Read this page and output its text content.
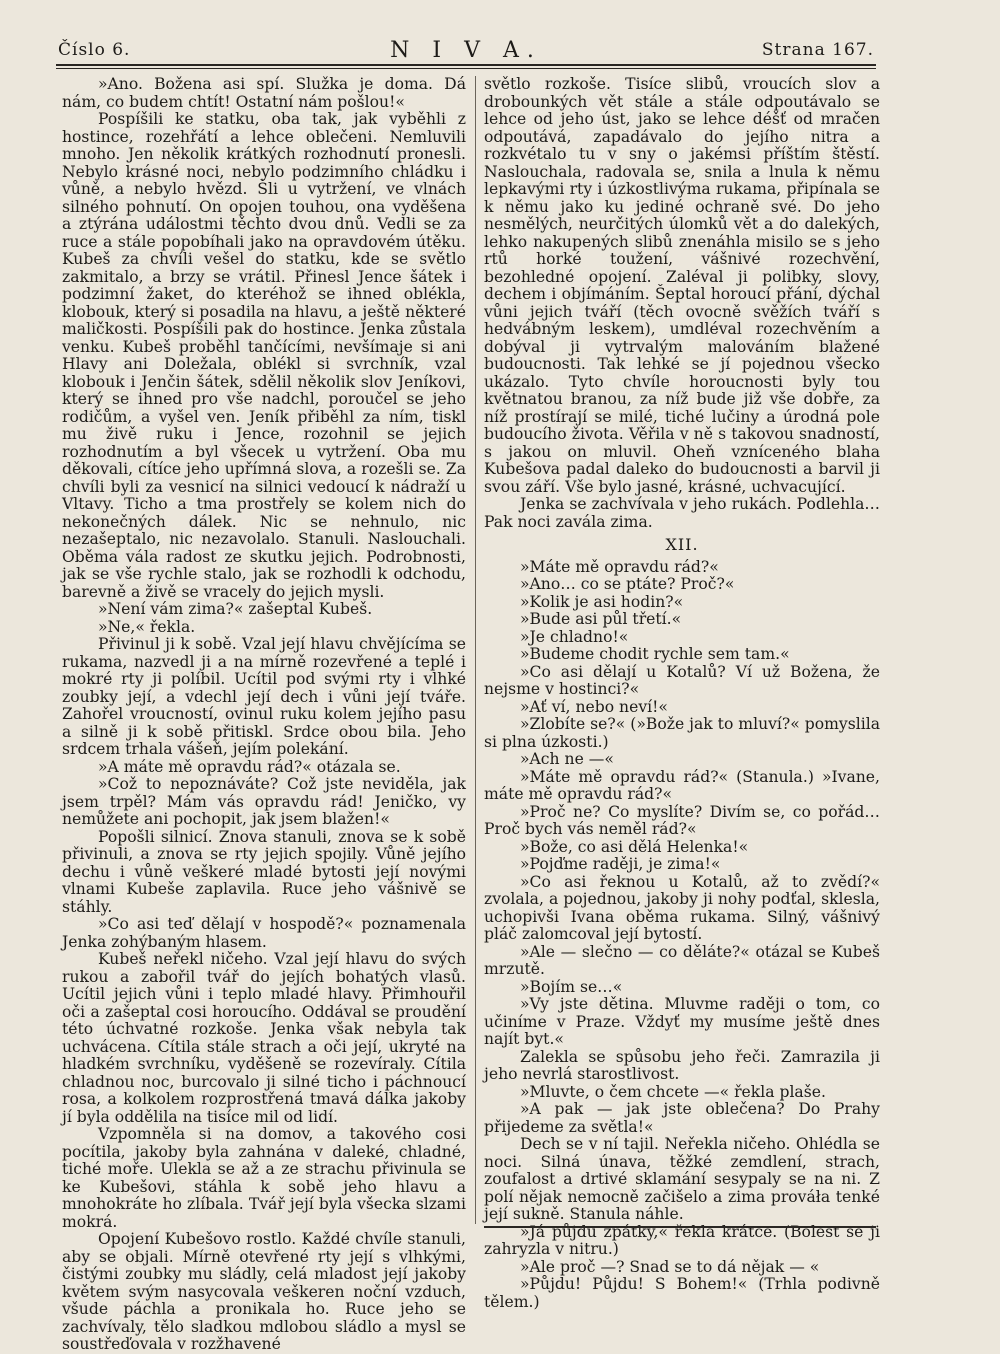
Číslo 6.	N I V A.	Strana 167.

»Ano. Božena asi spí. Služka je doma. Dá nám, co budem chtít! Ostatní nám pošlou!«

Pospíšili ke statku, oba tak, jak vyběhli z hostince, rozehřátí a lehce oblečeni. Nemluvili mnoho. Jen několik krátkých rozhodnutí pronesli. Nebylo krásné noci, nebylo podzimního chládku i vůně, a nebylo hvězd. Šli u vytržení, ve vlnách silného pohnutí. On opojen touhou, ona vyděšena a ztýrána událostmi těchto dvou dnů. Vedli se za ruce a stále popobíhali jako na opravdovém útěku. Kubeš za chvíli vešel do statku, kde se světlo zakmitalo, a brzy se vrátil. Přinesl Jence šátek i podzimní žaket, do kteréhož se ihned oblékla, klobouk, který si posadila na hlavu, a ještě některé maličkosti. Pospíšili pak do hostince. Jenka zůstala venku. Kubeš proběhl tančícími, nevšímaje si ani Hlavy ani Doležala, oblékl si svrchník, vzal klobouk i Jenčin šátek, sdělil několik slov Jeníkovi, který se ihned pro vše nadchl, poroučel se jeho rodičům, a vyšel ven. Jeník přiběhl za ním, tiskl mu živě ruku i Jence, rozohnil se jejich rozhodnutím a byl všecek u vytržení. Oba mu děkovali, cítíce jeho upřímná slova, a rozešli se. Za chvíli byli za vesnicí na silnici vedoucí k nádraží u Vltavy. Ticho a tma prostřely se kolem nich do nekonečných dálek. Nic se nehnulo, nic nezašeptalo, nic nezavolalo. Stanuli. Naslouchali. Oběma vála radost ze skutku jejich. Podrobnosti, jak se vše rychle stalo, jak se rozhodli k odchodu, barevně a živě se vracely do jejich mysli.

»Není vám zima?« zašeptal Kubeš.

»Ne,« řekla.

Přivinul ji k sobě. Vzal její hlavu chvějícíma se rukama, nazvedl ji a na mírně rozevřené a teplé i mokré rty ji políbil. Ucítil pod svými rty i vlhké zoubky její, a vdechl její dech i vůni její tváře. Zahořel vroucností, ovinul ruku kolem jejího pasu a silně ji k sobě přitiskl. Srdce obou bila. Jeho srdcem trhala vášeň, jejím polekání.

»A máte mě opravdu rád?« otázala se.

»Což to nepoznáváte? Což jste neviděla, jak jsem trpěl? Mám vás opravdu rád! Jeničko, vy nemůžete ani pochopit, jak jsem blažen!«

Popošli silnicí. Znova stanuli, znova se k sobě přivinuli, a znova se rty jejich spojily. Vůně jejího dechu i vůně veškeré mladé bytosti její novými vlnami Kubeše zaplavila. Ruce jeho vášnivě se stáhly.

»Co asi teď dělají v hospodě?« poznamenala Jenka zohýbaným hlasem.

Kubeš neřekl ničeho. Vzal její hlavu do svých rukou a zabořil tvář do jejích bohatých vlasů. Ucítil jejich vůni i teplo mladé hlavy. Přimhouřil oči a zašeptal cosi horoucího. Oddával se proudění této úchvatné rozkoše. Jenka však nebyla tak uchvácena. Cítila stále strach a oči její, ukryté na hladkém svrchníku, vyděšeně se rozevíraly. Cítila chladnou noc, burcovalo ji silné ticho i páchnoucí rosa, a kolkolem rozprostřená tmavá dálka jakoby jí byla oddělila na tisíce mil od lidí.

Vzpomněla si na domov, a takového cosi pocítila, jakoby byla zahnána v daleké, chladné, tiché moře. Ulekla se až a ze strachu přivinula se ke Kubešovi, stáhla k sobě jeho hlavu a mnohokráte ho zlíbala. Tvář její byla všecka slzami mokrá.

Opojení Kubešovo rostlo. Každé chvíle stanuli, aby se objali. Mírně otevřené rty její s vlhkými, čistými zoubky mu sládly, celá mladost její jakoby květem svým nasycovala veškeren noční vzduch, všude páchla a pronikala ho. Ruce jeho se zachvívaly, tělo sladkou mdlobou sládlo a mysl se soustřeďovala v rozžhavené

světlo rozkoše. Tisíce slibů, vroucích slov a drobounkých vět stále a stále odpoutávalo se lehce od jeho úst, jako se lehce déšť od mračen odpoutává, zapadávalo do jejího nitra a rozkvétalo tu v sny o jakémsi příštím štěstí. Naslouchala, radovala se, snila a lnula k němu lepkavými rty i úzkostlivýma rukama, připínala se k němu jako ku jediné ochraně své. Do jeho nesmělých, neurčitých úlomků vět a do dalekých, lehko nakupených slibů znenáhla misilo se s jeho rtů horké toužení, vášnivé rozechvění, bezohledné opojení. Zaléval ji polibky, slovy, dechem i objímáním. Šeptal horoucí přání, dýchal vůni jejich tváří (těch ovocně svěžích tváří s hedvábným leskem), umdléval rozechvěním a dobýval ji vytrvalým malováním blažené budoucnosti. Tak lehké se jí pojednou všecko ukázalo. Tyto chvíle horoucnosti byly tou květnatou branou, za níž bude již vše dobře, za níž prostírají se milé, tiché lučiny a úrodná pole budoucího života. Věřila v ně s takovou snadností, s jakou on mluvil. Oheň vzníceného blaha Kubešova padal daleko do budoucnosti a barvil ji svou září. Vše bylo jasné, krásné, uchvacující.

Jenka se zachvívala v jeho rukách. Podlehla… Pak noci zavála zima.

XII.

»Máte mě opravdu rád?«

»Ano… co se ptáte? Proč?«

»Kolik je asi hodin?«

»Bude asi půl třetí.«

»Je chladno!«

»Budeme chodit rychle sem tam.«

»Co asi dělají u Kotalů? Ví už Božena, že nejsme v hostinci?«

»Ať ví, nebo neví!«

»Zlobíte se?« (»Bože jak to mluví?« pomyslila si plna úzkosti.)

»Ach ne —«

»Máte mě opravdu rád?« (Stanula.) »Ivane, máte mě opravdu rád?«

»Proč ne? Co myslíte? Divím se, co pořád… Proč bych vás neměl rád?«

»Bože, co asi dělá Helenka!«

»Pojďme raději, je zima!«

»Co asi řeknou u Kotalů, až to zvědí?« zvolala, a pojednou, jakoby ji nohy podťal, sklesla, uchopivši Ivana oběma rukama. Silný, vášnivý pláč zalomcoval její bytostí.

»Ale — slečno — co děláte?« otázal se Kubeš mrzutě.

»Bojím se…«

»Vy jste dětina. Mluvme raději o tom, co učiníme v Praze. Vždyť my musíme ještě dnes najít byt.«

Zalekla se spůsobu jeho řeči. Zamrazila ji jeho nevrlá starostlivost.

»Mluvte, o čem chcete —« řekla plaše.

»A pak — jak jste oblečena? Do Prahy přijedeme za světla!«

Dech se v ní tajil. Neřekla ničeho. Ohlédla se noci. Silná únava, těžké zemdlení, strach, zoufalost a drtivé sklamání sesypaly se na ni. Z polí nějak nemocně začišelo a zima prováła tenké její sukně. Stanula náhle.

»Já půjdu zpátky,« řekla krátce. (Bolest se ji zahryzla v nitru.)

»Ale proč —? Snad se to dá nějak — «

»Půjdu! Půjdu! S Bohem!« (Trhla podivně tělem.)
